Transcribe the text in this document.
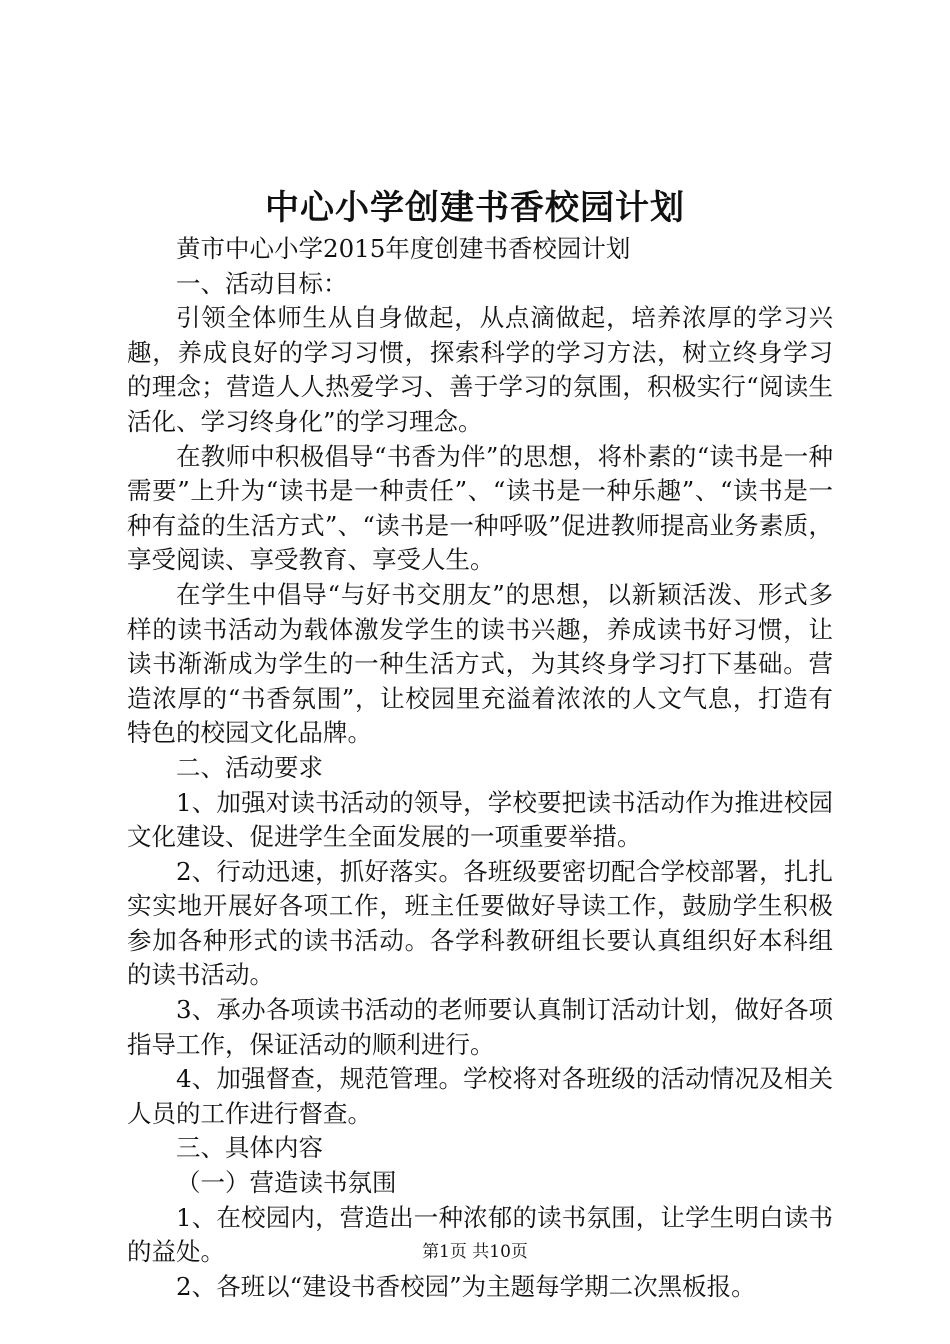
中心小学创建书香校园计划

黄市中心小学2015年度创建书香校园计划

一、活动目标：

引领全体师生从自身做起，从点滴做起，培养浓厚的学习兴趣，养成良好的学习习惯，探索科学的学习方法，树立终身学习的理念；营造人人热爱学习、善于学习的氛围，积极实行“阅读生活化、学习终身化”的学习理念。

在教师中积极倡导“书香为伴”的思想，将朴素的“读书是一种需要”上升为“读书是一种责任”、“读书是一种乐趣”、“读书是一种有益的生活方式”、“读书是一种呼吸”促进教师提高业务素质，享受阅读、享受教育、享受人生。

在学生中倡导“与好书交朋友”的思想，以新颖活泼、形式多样的读书活动为载体激发学生的读书兴趣，养成读书好习惯，让读书渐渐成为学生的一种生活方式，为其终身学习打下基础。营造浓厚的“书香氛围”，让校园里充溢着浓浓的人文气息，打造有特色的校园文化品牌。

二、活动要求

1、加强对读书活动的领导，学校要把读书活动作为推进校园文化建设、促进学生全面发展的一项重要举措。

2、行动迅速，抓好落实。各班级要密切配合学校部署，扎扎实实地开展好各项工作，班主任要做好导读工作，鼓励学生积极参加各种形式的读书活动。各学科教研组长要认真组织好本科组的读书活动。

3、承办各项读书活动的老师要认真制订活动计划，做好各项指导工作，保证活动的顺利进行。

4、加强督查，规范管理。学校将对各班级的活动情况及相关人员的工作进行督查。

三、具体内容

（一）营造读书氛围

1、在校园内，营造出一种浓郁的读书氛围，让学生明白读书的益处。

2、各班以“建设书香校园”为主题每学期二次黑板报。

第1页 共10页
